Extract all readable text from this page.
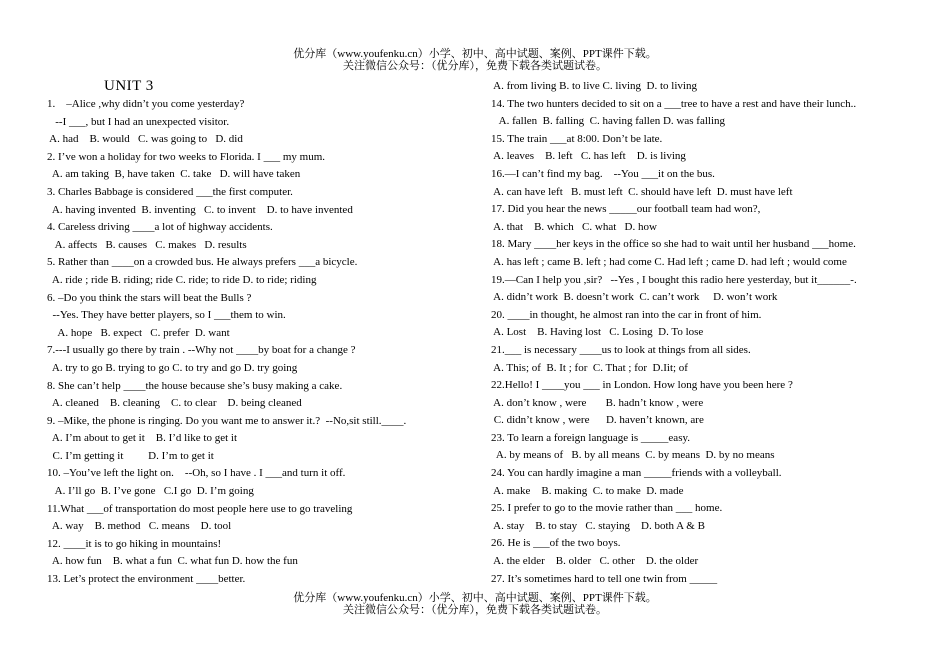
优分库（www.youfenku.cn）小学、初中、高中试题、案例、PPT课件下载。
关注微信公众号：（优分库），免费下载各类试题试卷。
UNIT 3
1.    –Alice ,why didn’t you come yesterday?
--I ___, but I had an unexpected visitor.
A. had    B. would   C. was going to   D. did
2. I’ve won a holiday for two weeks to Florida. I ___ my mum.
A. am taking  B, have taken  C. take   D. will have taken
3. Charles Babbage is considered ___the first computer.
A. having invented  B. inventing   C. to invent    D. to have invented
4. Careless driving ____a lot of highway accidents.
A. affects   B. causes   C. makes   D. results
5. Rather than ____on a crowded bus. He always prefers ___a bicycle.
A. ride ; ride B. riding; ride C. ride; to ride D. to ride; riding
6. –Do you think the stars will beat the Bulls ?
--Yes. They have better players, so I ___them to win.
A. hope   B. expect   C. prefer  D. want
7.---I usually go there by train . --Why not ____by boat for a change ?
A. try to go B. trying to go C. to try and go D. try going
8. She can’t help ____the house because she’s busy making a cake.
A. cleaned    B. cleaning    C. to clear    D. being cleaned
9. –Mike, the phone is ringing. Do you want me to answer it.?  --No,sit still.____.
A. I’m about to get it    B. I’d like to get it
C. I’m getting it         D. I’m to get it
10. –You’ve left the light on.    --Oh, so I have . I ___and turn it off.
A. I’ll go  B. I’ve gone   C.I go  D. I’m going
11.What ___of transportation do most people here use to go traveling
A. way    B. method   C. means    D. tool
12. ____it is to go hiking in mountains!
A. how fun    B. what a fun  C. what fun D. how the fun
13. Let’s protect the environment ____better.
A. from living B. to live C. living  D. to living
14. The two hunters decided to sit on a ___tree to have a rest and have their lunch..
A. fallen  B. falling  C. having fallen D. was falling
15. The train ___at 8:00. Don’t be late.
A. leaves    B. left   C. has left    D. is living
16.—I can’t find my bag.    --You ___it on the bus.
A. can have left   B. must left  C. should have left  D. must have left
17. Did you hear the news _____our football team had won?,
A. that    B. which   C. what   D. how
18. Mary ____her keys in the office so she had to wait until her husband ___home.
A. has left ; came B. left ; had come C. Had left ; came D. had left ; would come
19.—Can I help you ,sir?   --Yes , I bought this radio here yesterday, but it______-.
A. didn’t work  B. doesn’t work  C. can’t work     D. won’t work
20. ____in thought, he almost ran into the car in front of him.
A. Lost    B. Having lost   C. Losing  D. To lose
21.___ is necessary ____us to look at things from all sides.
A. This; of  B. It ; for  C. That ; for  D.Iit; of
22.Hello! I ____you ___ in London. How long have you been here ?
A. don’t know , were       B. hadn’t know , were
C. didn’t know , were      D. haven’t known, are
23. To learn a foreign language is _____easy.
A. by means of   B. by all means  C. by means  D. by no means
24. You can hardly imagine a man _____friends with a volleyball.
A. make    B. making  C. to make  D. made
25. I prefer to go to the movie rather than ___ home.
A. stay    B. to stay   C. staying    D. both A & B
26. He is ___of the two boys.
A. the elder    B. older   C. other    D. the older
27. It’s sometimes hard to tell one twin from _____
优分库（www.youfenku.cn）小学、初中、高中试题、案例、PPT课件下载。
关注微信公众号：（优分库），免费下载各类试题试卷。
